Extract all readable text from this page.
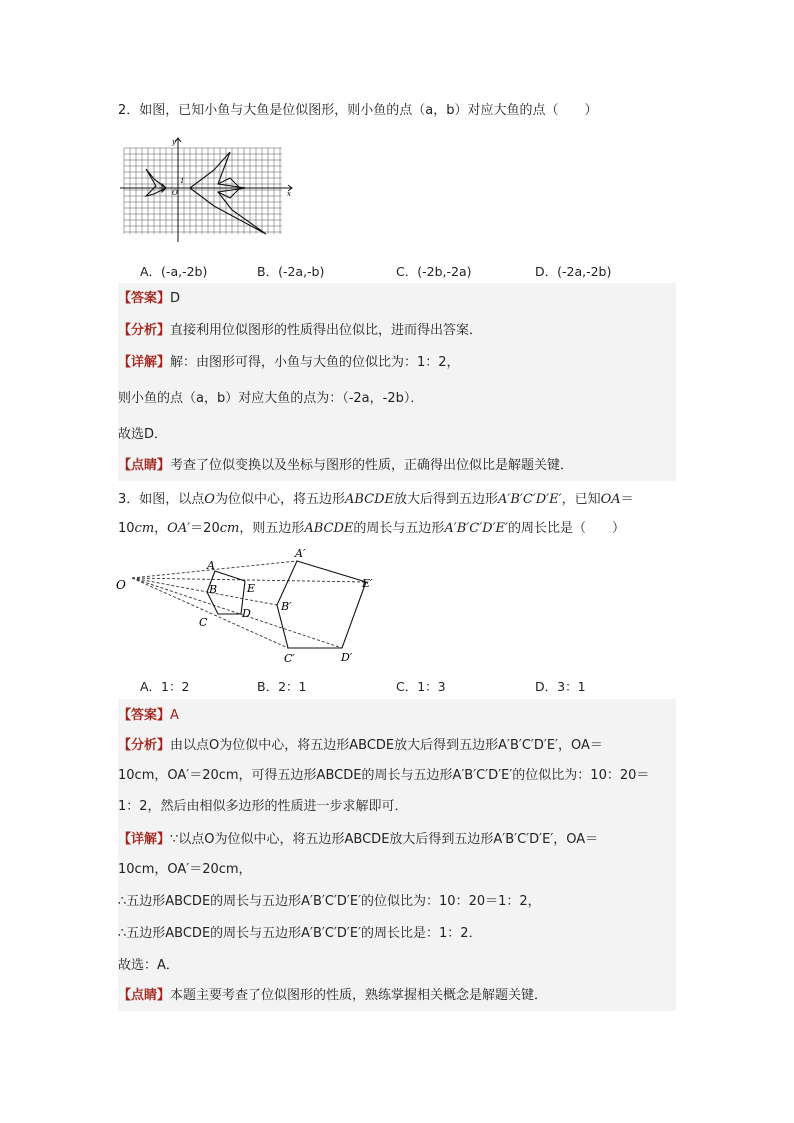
2．如图，已知小鱼与大鱼是位似图形，则小鱼的点（a，b）对应大鱼的点（　　）
y
x
O
1
A．(-a,-2b)	B．(-2a,-b)	C．(-2b,-2a)	D．(-2a,-2b)
【答案】D
【分析】直接利用位似图形的性质得出位似比，进而得出答案．
【详解】解：由图形可得，小鱼与大鱼的位似比为：1：2，
则小鱼的点（a，b）对应大鱼的点为：（-2a，-2b）．
故选D．
【点睛】考查了位似变换以及坐标与图形的性质，正确得出位似比是解题关键．
3．如图，以点O为位似中心，将五边形ABCDE放大后得到五边形A′B′C′D′E′，已知OA＝
10cm，OA′＝20cm，则五边形ABCDE的周长与五边形A′B′C′D′E′的周长比是（　　）
O
A
B
C
D
E
A′
B′
C′	D′
E′
A．1：2	B．2：1	C．1：3	D．3：1
【答案】A
【分析】由以点O为位似中心，将五边形ABCDE放大后得到五边形A′B′C′D′E′，OA＝
10cm，OA′＝20cm，可得五边形ABCDE的周长与五边形A′B′C′D′E′的位似比为：10：20＝
1：2，然后由相似多边形的性质进一步求解即可．
【详解】∵以点O为位似中心，将五边形ABCDE放大后得到五边形A′B′C′D′E′，OA＝
10cm，OA′＝20cm，
∴五边形ABCDE的周长与五边形A′B′C′D′E′的位似比为：10：20＝1：2，
∴五边形ABCDE的周长与五边形A′B′C′D′E′的周长比是：1：2．
故选：A．
【点睛】本题主要考查了位似图形的性质，熟练掌握相关概念是解题关键．
